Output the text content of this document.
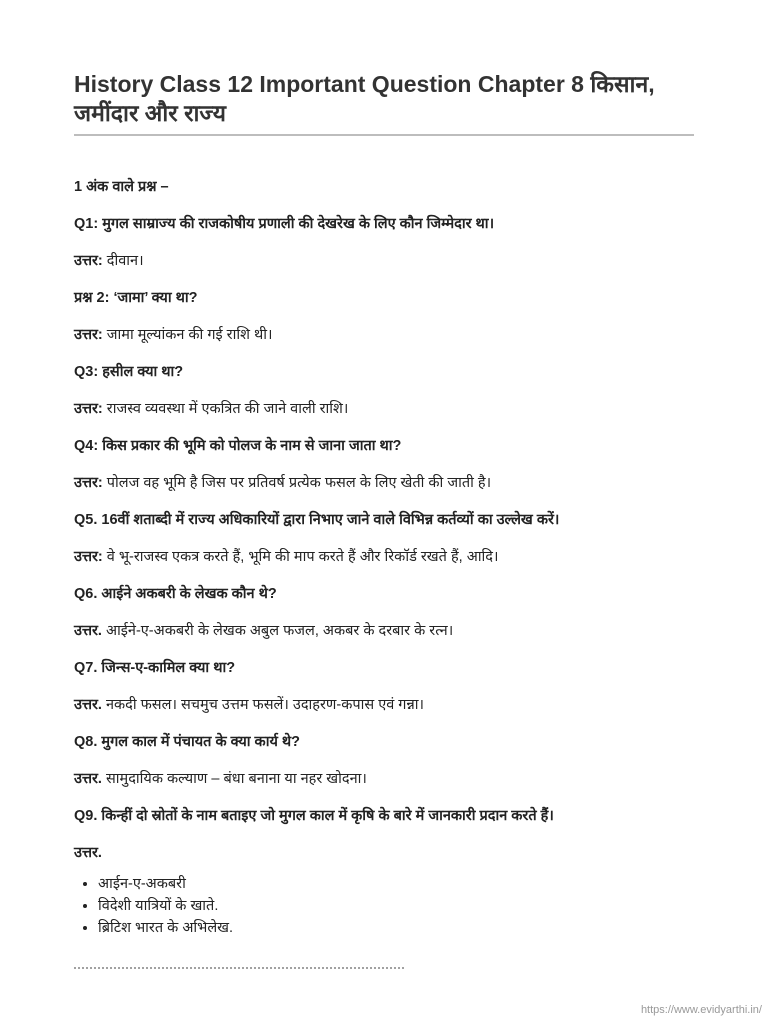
History Class 12 Important Question Chapter 8 किसान, जमींदार और राज्य

1 अंक वाले प्रश्न –

Q1: मुगल साम्राज्य की राजकोषीय प्रणाली की देखरेख के लिए कौन जिम्मेदार था।

उत्तर: दीवान।

प्रश्न 2: ‘जामा’ क्या था?

उत्तर: जामा मूल्यांकन की गई राशि थी।

Q3: हसील क्या था?

उत्तर: राजस्व व्यवस्था में एकत्रित की जाने वाली राशि।

Q4: किस प्रकार की भूमि को पोलज के नाम से जाना जाता था?

उत्तर: पोलज वह भूमि है जिस पर प्रतिवर्ष प्रत्येक फसल के लिए खेती की जाती है।

Q5. 16वीं शताब्दी में राज्य अधिकारियों द्वारा निभाए जाने वाले विभिन्न कर्तव्यों का उल्लेख करें।

उत्तर: वे भू-राजस्व एकत्र करते हैं, भूमि की माप करते हैं और रिकॉर्ड रखते हैं, आदि।

Q6. आईने अकबरी के लेखक कौन थे?

उत्तर. आईने-ए-अकबरी के लेखक अबुल फजल, अकबर के दरबार के रत्न।

Q7. जिन्स-ए-कामिल क्या था?

उत्तर. नकदी फसल। सचमुच उत्तम फसलें। उदाहरण-कपास एवं गन्ना।

Q8. मुगल काल में पंचायत के क्या कार्य थे?

उत्तर. सामुदायिक कल्याण – बंधा बनाना या नहर खोदना।

Q9. किन्हीं दो स्रोतों के नाम बताइए जो मुगल काल में कृषि के बारे में जानकारी प्रदान करते हैं।

उत्तर.

• आईन-ए-अकबरी
• विदेशी यात्रियों के खाते.
• ब्रिटिश भारत के अभिलेख.
https://www.evidyarthi.in/
